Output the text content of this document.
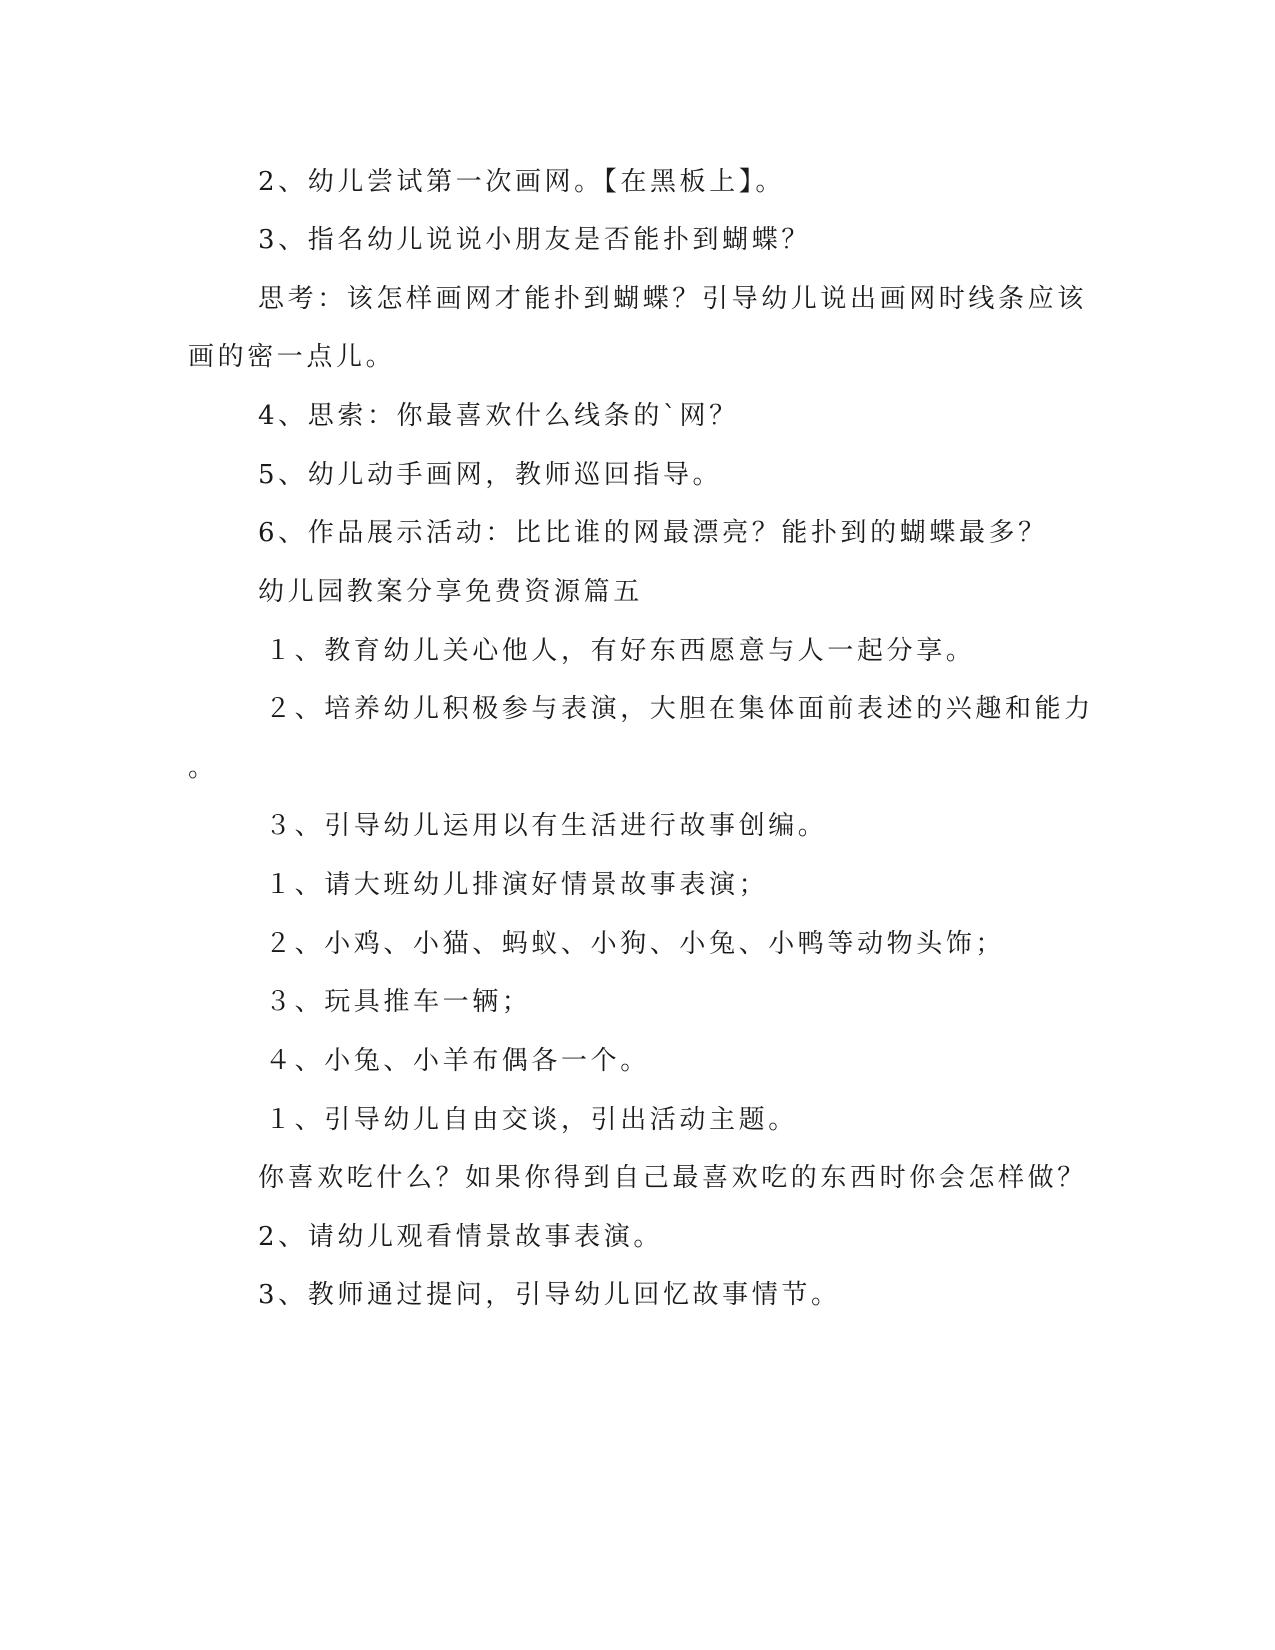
2、幼儿尝试第一次画网。【在黑板上】。
3、指名幼儿说说小朋友是否能扑到蝴蝶？
思考：该怎样画网才能扑到蝴蝶？引导幼儿说出画网时线条应该
画的密一点儿。
4、思索：你最喜欢什么线条的`网？
5、幼儿动手画网，教师巡回指导。
6、作品展示活动：比比谁的网最漂亮？能扑到的蝴蝶最多？
幼儿园教案分享免费资源篇五
１、教育幼儿关心他人，有好东西愿意与人一起分享。
２、培养幼儿积极参与表演，大胆在集体面前表述的兴趣和能力
。
３、引导幼儿运用以有生活进行故事创编。
１、请大班幼儿排演好情景故事表演；
２、小鸡、小猫、蚂蚁、小狗、小兔、小鸭等动物头饰；
３、玩具推车一辆；
４、小兔、小羊布偶各一个。
１、引导幼儿自由交谈，引出活动主题。
你喜欢吃什么？如果你得到自己最喜欢吃的东西时你会怎样做？
2、请幼儿观看情景故事表演。
3、教师通过提问，引导幼儿回忆故事情节。
